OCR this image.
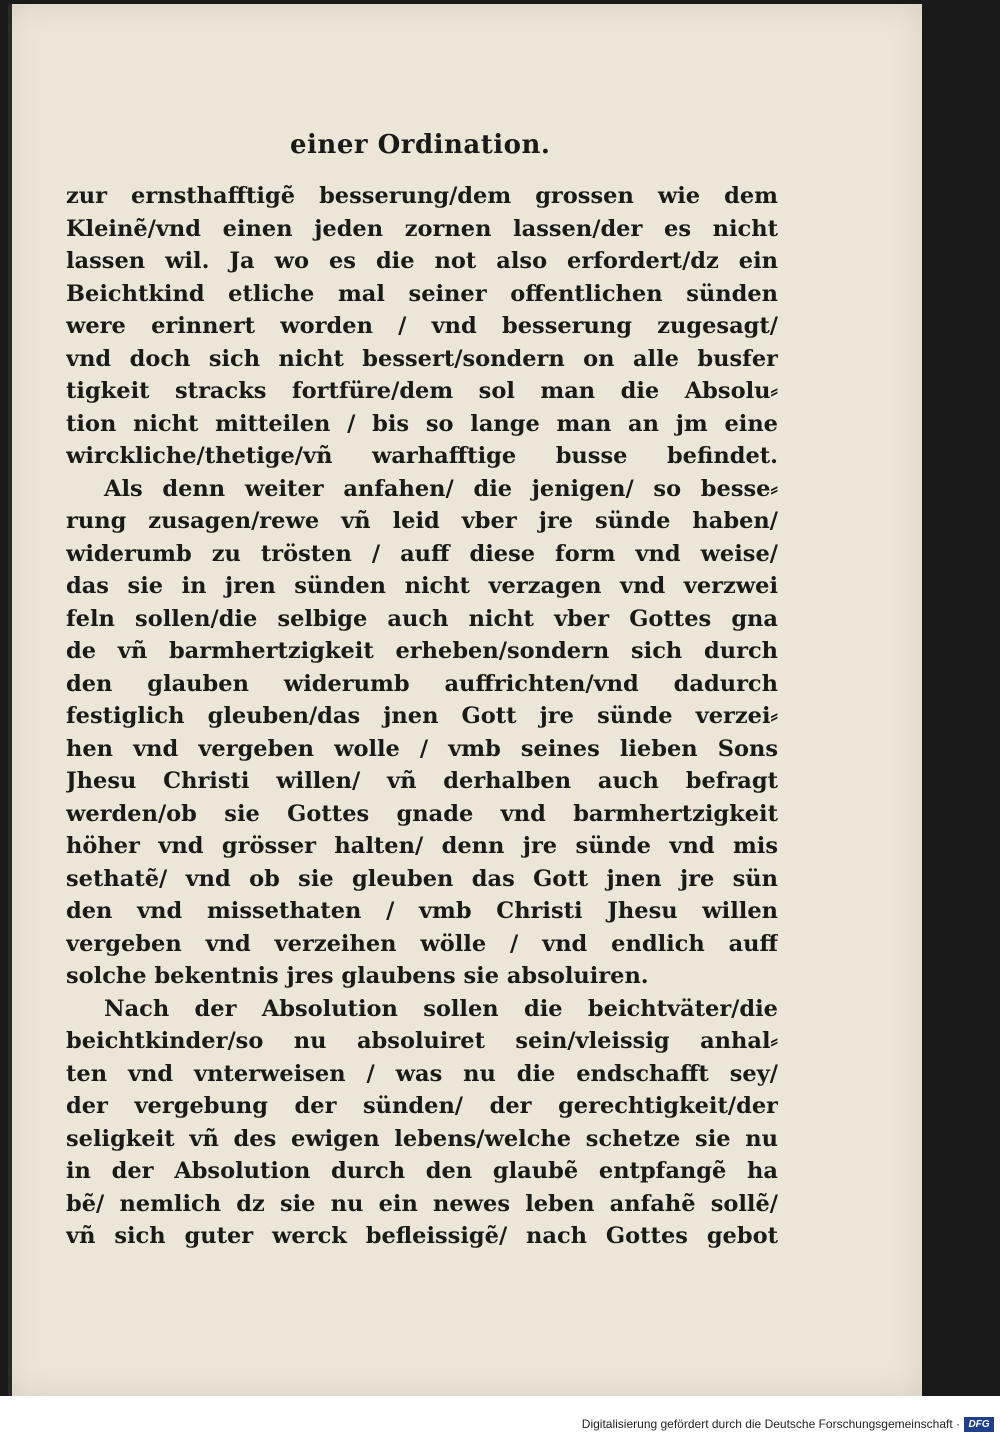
einer Ordination.
zur ernsthafftigẽ besserung/dem grossen wie dem
Kleinẽ/vnd einen jeden zornen lassen/der es nicht
lassen wil. Ja wo es die not also erfordert/dz ein
Beichtkind etliche mal seiner offentlichen sünden
were erinnert worden / vnd besserung zugesagt/
vnd doch sich nicht bessert/sondern on alle busfer
tigkeit stracks fortfüre/dem sol man die Absolu⸗
tion nicht mitteilen / bis so lange man an jm eine
wirckliche/thetige/vñ warhafftige busse befindet.
Als denn weiter anfahen/ die jenigen/ so besse⸗
rung zusagen/rewe vñ leid vber jre sünde haben/
widerumb zu trösten / auff diese form vnd weise/
das sie in jren sünden nicht verzagen vnd verzwei
feln sollen/die selbige auch nicht vber Gottes gna
de vñ barmhertzigkeit erheben/sondern sich durch
den glauben widerumb auffrichten/vnd dadurch
festiglich gleuben/das jnen Gott jre sünde verzei⸗
hen vnd vergeben wolle / vmb seines lieben Sons
Jhesu Christi willen/ vñ derhalben auch befragt
werden/ob sie Gottes gnade vnd barmhertzigkeit
höher vnd grösser halten/ denn jre sünde vnd mis
sethatẽ/ vnd ob sie gleuben das Gott jnen jre sün
den vnd missethaten / vmb Christi Jhesu willen
vergeben vnd verzeihen wölle / vnd endlich auff
solche bekentnis jres glaubens sie absoluiren.
Nach der Absolution sollen die beichtväter/die
beichtkinder/so nu absoluiret sein/vleissig anhal⸗
ten vnd vnterweisen / was nu die endschafft sey/
der vergebung der sünden/ der gerechtigkeit/der
seligkeit vñ des ewigen lebens/welche schetze sie nu
in der Absolution durch den glaubẽ entpfangẽ ha
bẽ/ nemlich dz sie nu ein newes leben anfahẽ sollẽ/
vñ sich guter werck befleissigẽ/ nach Gottes gebot
Digitalisierung gefördert durch die Deutsche Forschungsgemeinschaft · DFG
